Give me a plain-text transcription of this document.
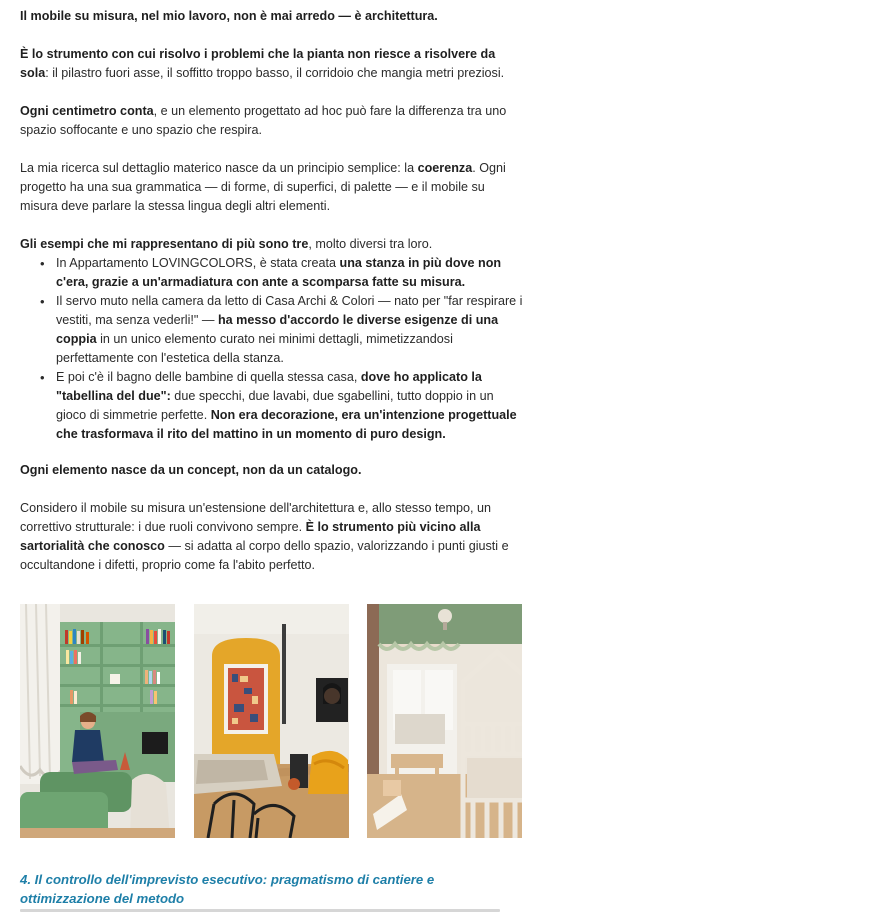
Il mobile su misura, nel mio lavoro, non è mai arredo — è architettura.

È lo strumento con cui risolvo i problemi che la pianta non riesce a risolvere da sola: il pilastro fuori asse, il soffitto troppo basso, il corridoio che mangia metri preziosi.

Ogni centimetro conta, e un elemento progettato ad hoc può fare la differenza tra uno spazio soffocante e uno spazio che respira.

La mia ricerca sul dettaglio materico nasce da un principio semplice: la coerenza. Ogni progetto ha una sua grammatica — di forme, di superfici, di palette — e il mobile su misura deve parlare la stessa lingua degli altri elementi.

Gli esempi che mi rappresentano di più sono tre, molto diversi tra loro.

• In Appartamento LOVINGCOLORS, è stata creata una stanza in più dove non c'era, grazie a un'armadiatura con ante a scomparsa fatte su misura.
• Il servo muto nella camera da letto di Casa Archi & Colori — nato per "far respirare i vestiti, ma senza vederli!" — ha messo d'accordo le diverse esigenze di una coppia in un unico elemento curato nei minimi dettagli, mimetizzandosi perfettamente con l'estetica della stanza.
• E poi c'è il bagno delle bambine di quella stessa casa, dove ho applicato la "tabellina del due": due specchi, due lavabi, due sgabellini, tutto doppio in un gioco di simmetrie perfette. Non era decorazione, era un'intenzione progettuale che trasformava il rito del mattino in un momento di puro design.

Ogni elemento nasce da un concept, non da un catalogo.

Considero il mobile su misura un'estensione dell'architettura e, allo stesso tempo, un correttivo strutturale: i due ruoli convivono sempre. È lo strumento più vicino alla sartorialità che conosco — si adatta al corpo dello spazio, valorizzando i punti giusti e occultandone i difetti, proprio come fa l'abito perfetto.

4. Il controllo dell'imprevisto esecutivo: pragmatismo di cantiere e ottimizzazione del metodo
